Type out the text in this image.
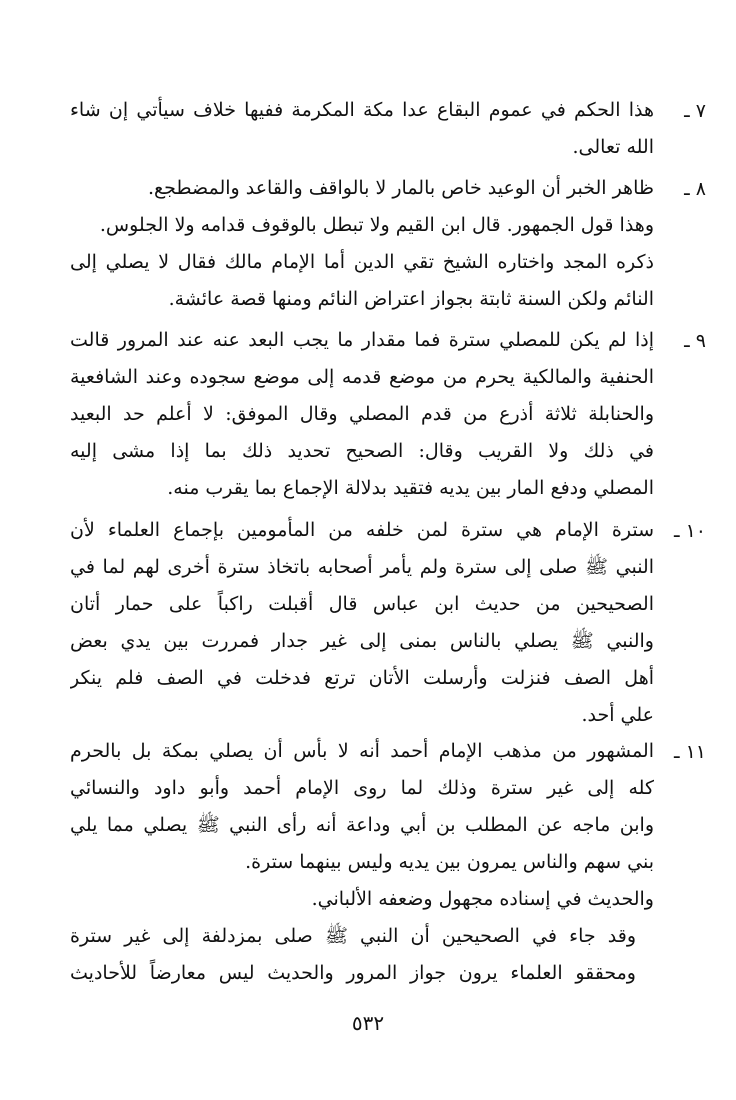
٧ ـ
هذا الحكم في عموم البقاع عدا مكة المكرمة ففيها خلاف سيأتي إن شاء
الله تعالى.
٨ ـ
ظاهر الخبر أن الوعيد خاص بالمار لا بالواقف والقاعد والمضطجع.
وهذا قول الجمهور. قال ابن القيم ولا تبطل بالوقوف قدامه ولا الجلوس.
ذكره المجد واختاره الشيخ تقي الدين أما الإمام مالك فقال لا يصلي إلى
النائم ولكن السنة ثابتة بجواز اعتراض النائم ومنها قصة عائشة.
٩ ـ
إذا لم يكن للمصلي سترة فما مقدار ما يجب البعد عنه عند المرور قالت
الحنفية والمالكية يحرم من موضع قدمه إلى موضع سجوده وعند الشافعية
والحنابلة ثلاثة أذرع من قدم المصلي وقال الموفق: لا أعلم حد البعيد
في ذلك ولا القريب وقال: الصحيح تحديد ذلك بما إذا مشى إليه
المصلي ودفع المار بين يديه فتقيد بدلالة الإجماع بما يقرب منه.
١٠ ـ
سترة الإمام هي سترة لمن خلفه من المأمومين بإجماع العلماء لأن
النبي ﷺ صلى إلى سترة ولم يأمر أصحابه باتخاذ سترة أخرى لهم لما في
الصحيحين من حديث ابن عباس قال أقبلت راكباً على حمار أتان
والنبي ﷺ يصلي بالناس بمنى إلى غير جدار فمررت بين يدي بعض
أهل الصف فنزلت وأرسلت الأتان ترتع فدخلت في الصف فلم ينكر
علي أحد.
١١ ـ
المشهور من مذهب الإمام أحمد أنه لا بأس أن يصلي بمكة بل بالحرم
كله إلى غير سترة وذلك لما روى الإمام أحمد وأبو داود والنسائي
وابن ماجه عن المطلب بن أبي وداعة أنه رأى النبي ﷺ يصلي مما يلي
بني سهم والناس يمرون بين يديه وليس بينهما سترة.
والحديث في إسناده مجهول وضعفه الألباني.
وقد جاء في الصحيحين أن النبي ﷺ صلى بمزدلفة إلى غير سترة
ومحققو العلماء يرون جواز المرور والحديث ليس معارضاً للأحاديث
٥٣٢
